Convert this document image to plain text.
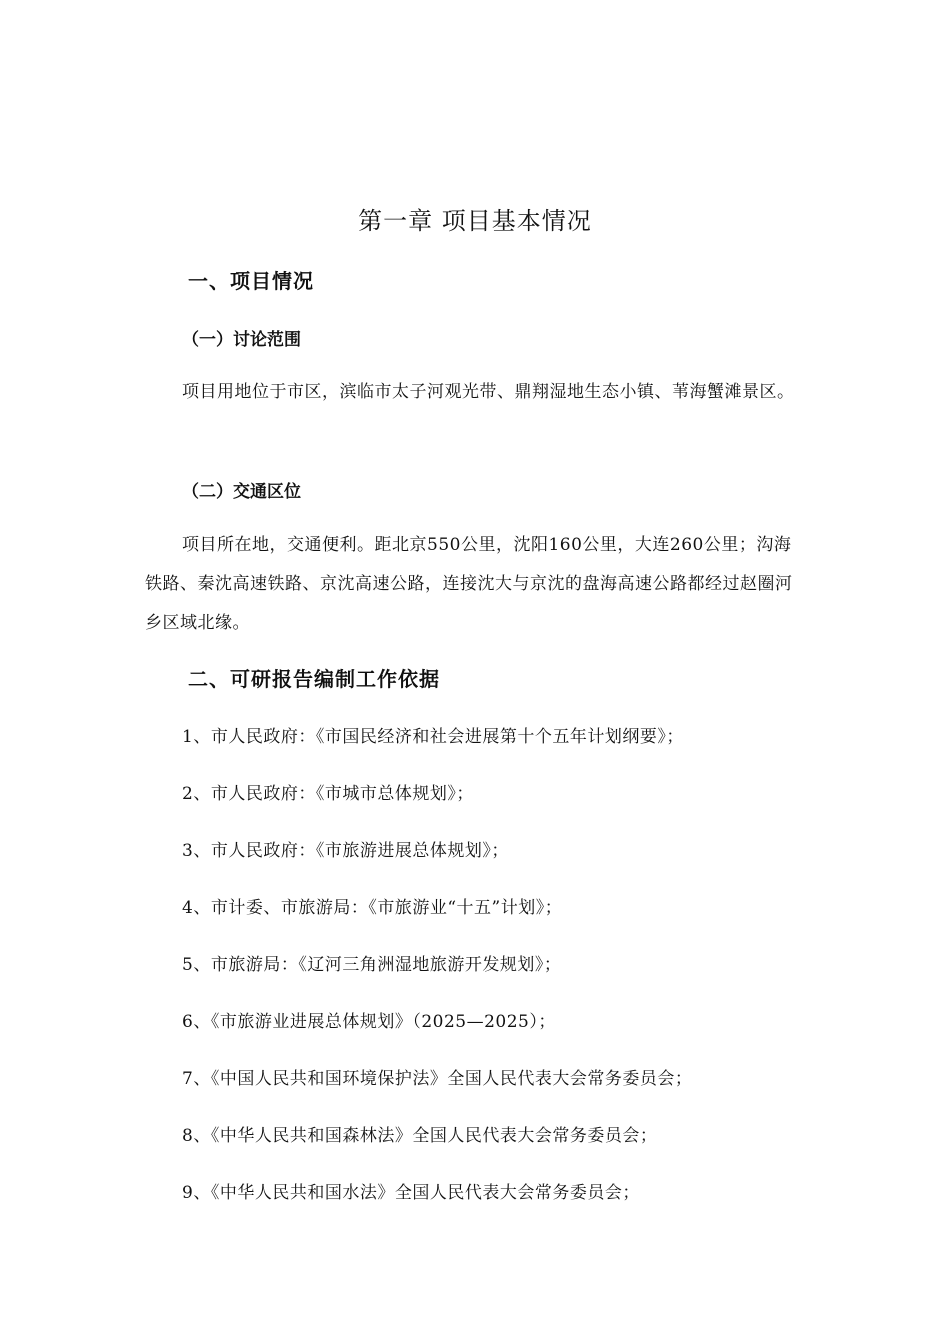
第一章 项目基本情况
一、项目情况
（一）讨论范围

项目用地位于市区，滨临市太子河观光带、鼎翔湿地生态小镇、苇海蟹滩景区。

（二）交通区位

项目所在地，交通便利。距北京550公里，沈阳160公里，大连260公里；沟海铁路、秦沈高速铁路、京沈高速公路，连接沈大与京沈的盘海高速公路都经过赵圈河乡区域北缘。

二、可研报告编制工作依据
1、市人民政府：《市国民经济和社会进展第十个五年计划纲要》；
2、市人民政府：《市城市总体规划》；
3、市人民政府：《市旅游进展总体规划》；
4、市计委、市旅游局：《市旅游业“十五”计划》；
5、市旅游局：《辽河三角洲湿地旅游开发规划》；
6、《市旅游业进展总体规划》（2025—2025）；
7、《中国人民共和国环境保护法》全国人民代表大会常务委员会；
8、《中华人民共和国森林法》全国人民代表大会常务委员会；
9、《中华人民共和国水法》全国人民代表大会常务委员会；
